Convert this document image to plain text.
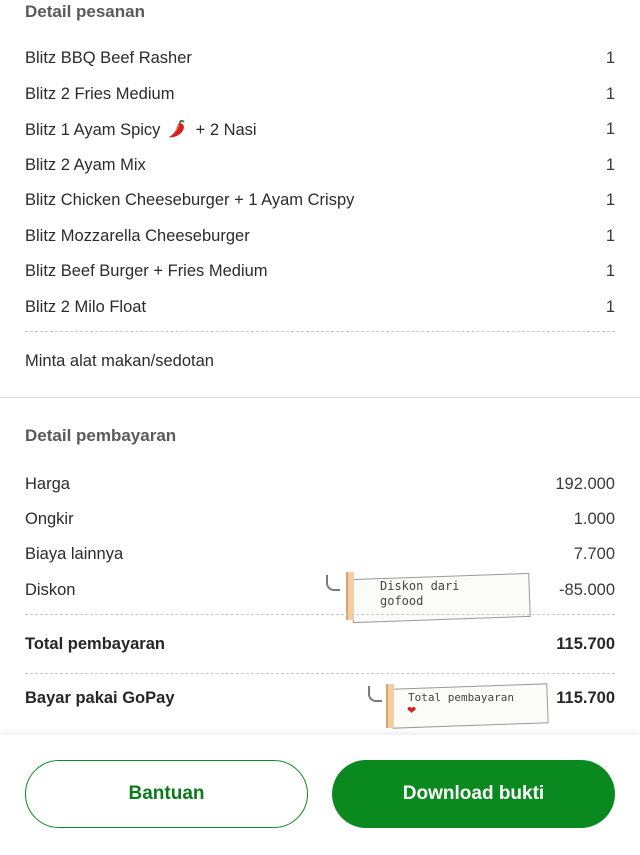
Detail pesanan
Blitz BBQ Beef Rasher	1
Blitz 2 Fries Medium	1
Blitz 1 Ayam Spicy + 2 Nasi	1
Blitz 2 Ayam Mix	1
Blitz Chicken Cheeseburger + 1 Ayam Crispy	1
Blitz Mozzarella Cheeseburger	1
Blitz Beef Burger + Fries Medium	1
Blitz 2 Milo Float	1
Minta alat makan/sedotan
Detail pembayaran
Harga	192.000
Ongkir	1.000
Biaya lainnya	7.700
Diskon	-85.000
Diskon dari
gofood
Total pembayaran	115.700
Bayar pakai GoPay	115.700
Total pembayaran
❤
Bantuan	Download bukti
